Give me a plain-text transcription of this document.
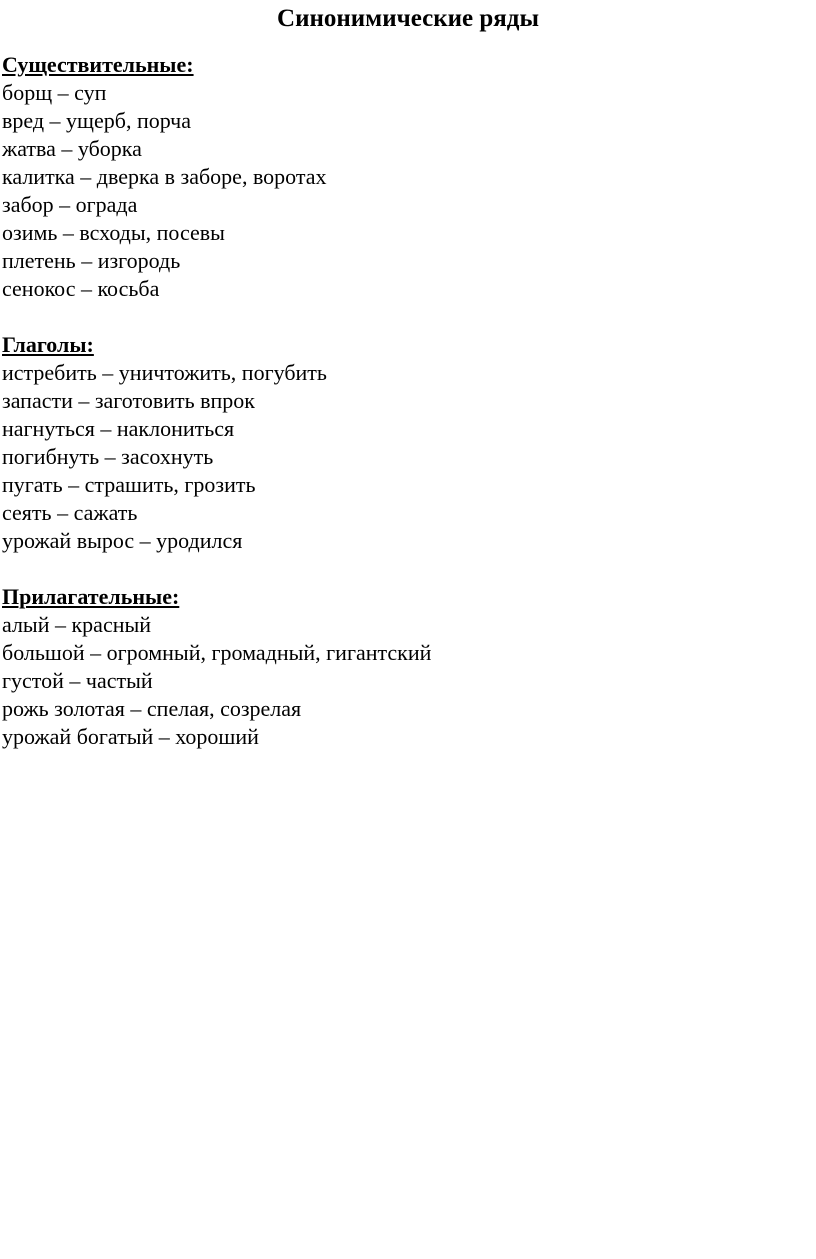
Синонимические ряды
Существительные:
борщ – суп
вред – ущерб, порча
жатва – уборка
калитка – дверка в заборе, воротах
забор – ограда
озимь – всходы, посевы
плетень – изгородь
сенокос – косьба
Глаголы:
истребить – уничтожить, погубить
запасти – заготовить впрок
нагнуться – наклониться
погибнуть – засохнуть
пугать – страшить, грозить
сеять – сажать
урожай вырос – уродился
Прилагательные:
алый – красный
большой – огромный, громадный, гигантский
густой – частый
рожь золотая – спелая, созрелая
урожай богатый – хороший
